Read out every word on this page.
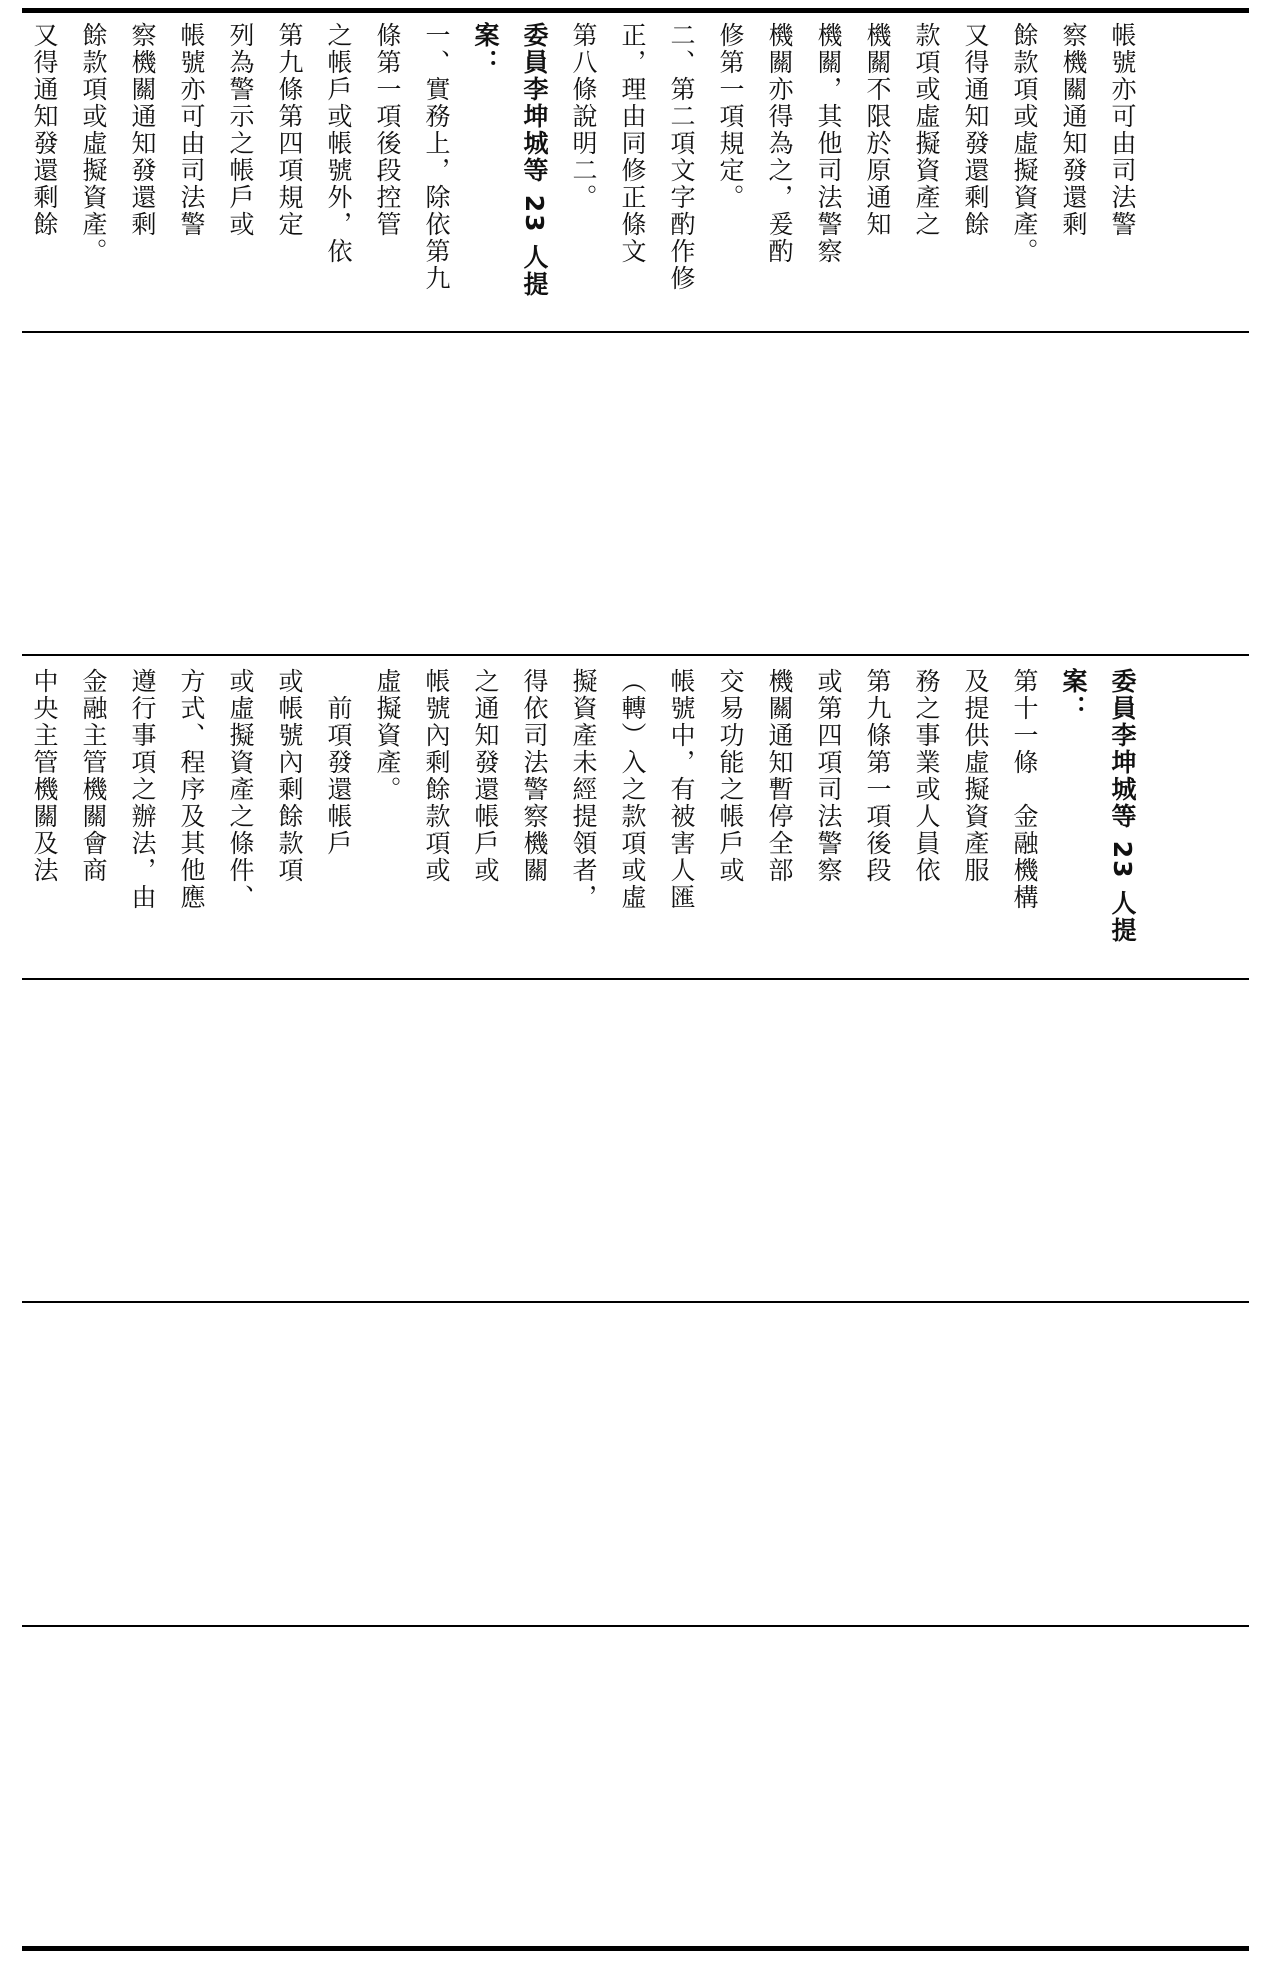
帳號亦可由司法警
察機關通知發還剩
餘款項或虛擬資產。
又得通知發還剩餘
款項或虛擬資產之
機關不限於原通知
機關，其他司法警察
機關亦得為之，爰酌
修第一項規定。
二、第二項文字酌作修
正，理由同修正條文
第八條說明二。
委員李坤城等 23 人提
案：
一、實務上，除依第九
條第一項後段控管
之帳戶或帳號外，依
第九條第四項規定
列為警示之帳戶或
帳號亦可由司法警
察機關通知發還剩
餘款項或虛擬資產。
又得通知發還剩餘
委員李坤城等 23 人提
案：
第十一條　金融機構
及提供虛擬資產服
務之事業或人員依
第九條第一項後段
或第四項司法警察
機關通知暫停全部
交易功能之帳戶或
帳號中，有被害人匯
（轉）入之款項或虛
擬資產未經提領者，
得依司法警察機關
之通知發還帳戶或
帳號內剩餘款項或
虛擬資產。
　前項發還帳戶
或帳號內剩餘款項
或虛擬資產之條件、
方式、程序及其他應
遵行事項之辦法，由
金融主管機關會商
中央主管機關及法
